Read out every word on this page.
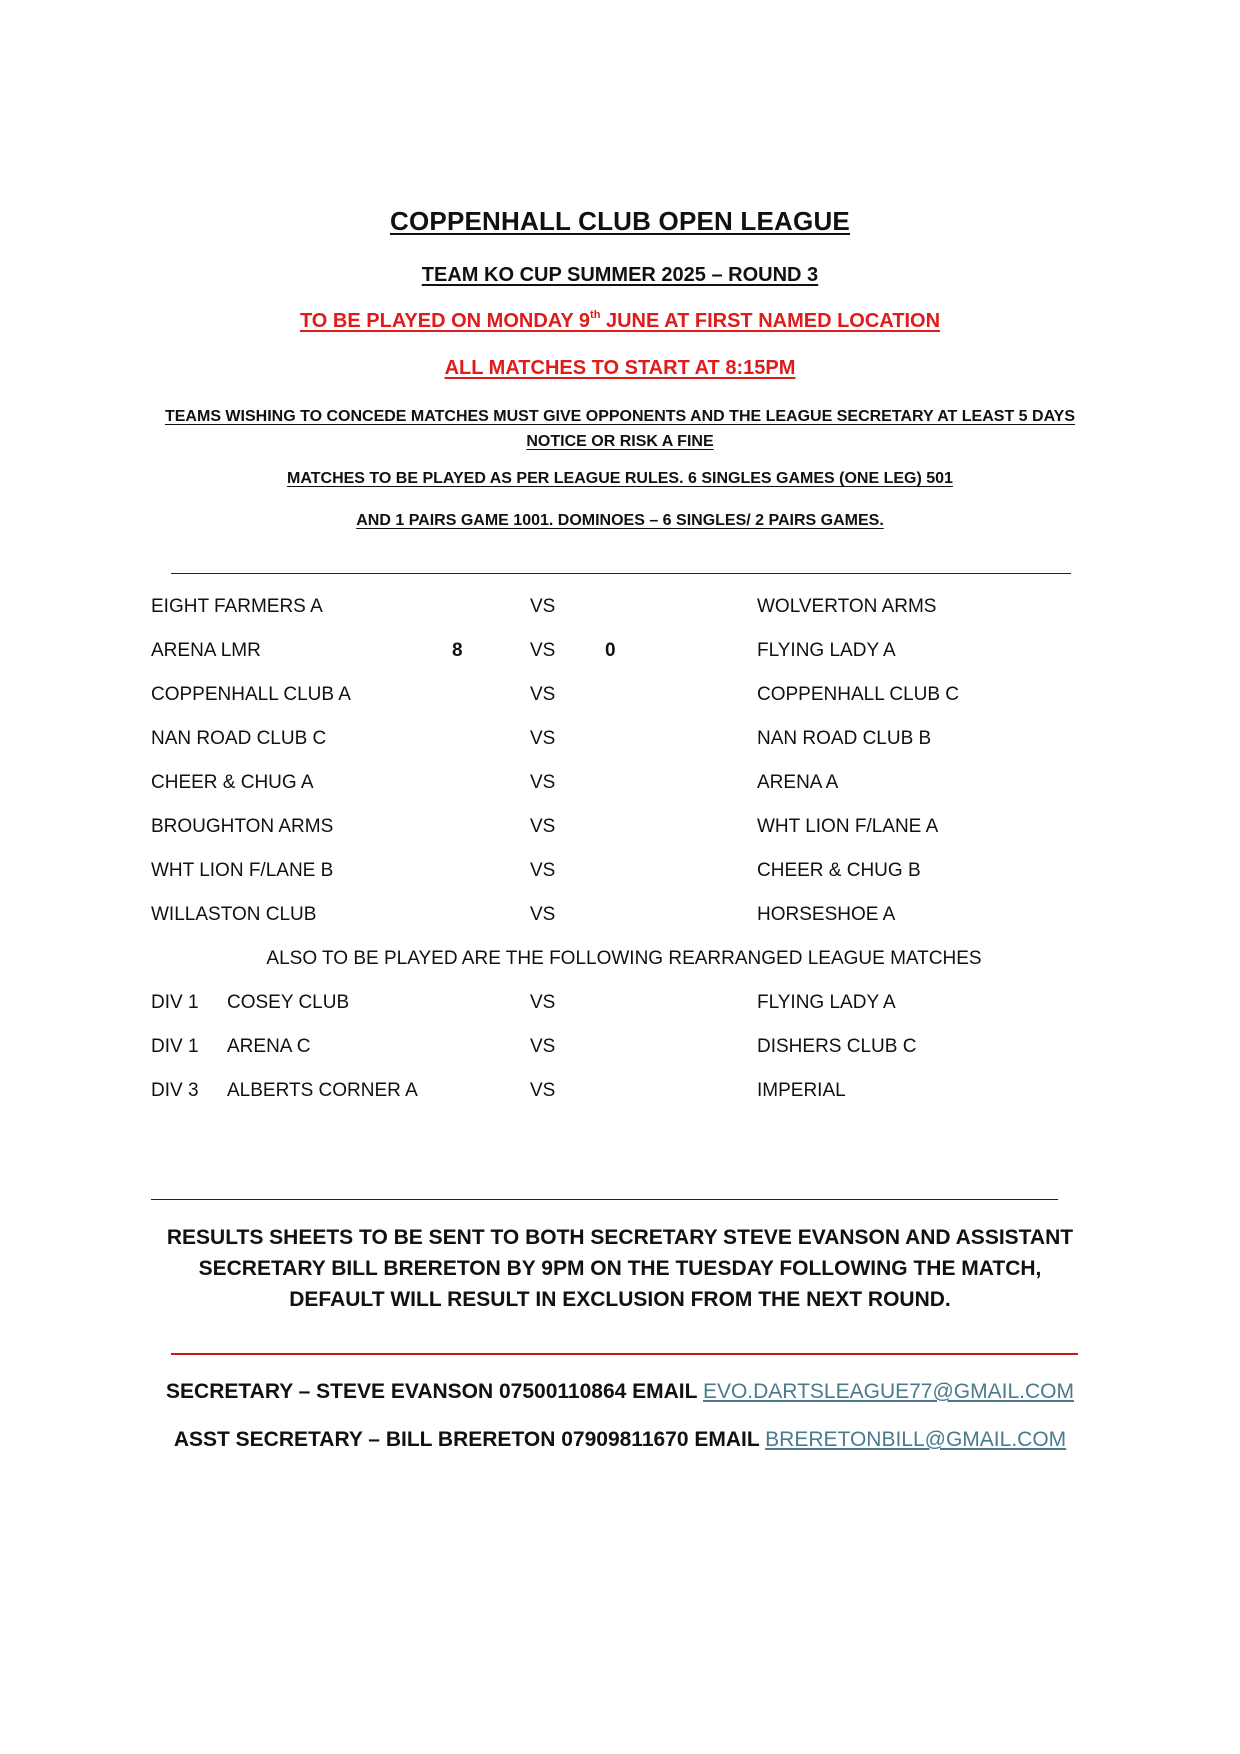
COPPENHALL CLUB OPEN LEAGUE
TEAM KO CUP SUMMER 2025 – ROUND 3
TO BE PLAYED ON MONDAY 9th JUNE AT FIRST NAMED LOCATION
ALL MATCHES TO START AT 8:15PM
TEAMS WISHING TO CONCEDE MATCHES MUST GIVE OPPONENTS AND THE LEAGUE SECRETARY AT LEAST 5 DAYS NOTICE OR RISK A FINE
MATCHES TO BE PLAYED AS PER LEAGUE RULES. 6 SINGLES GAMES (ONE LEG) 501
AND 1 PAIRS GAME 1001. DOMINOES – 6 SINGLES/ 2 PAIRS GAMES.
EIGHT FARMERS A	VS	WOLVERTON ARMS
ARENA LMR	8	VS	0	FLYING LADY A
COPPENHALL CLUB A	VS	COPPENHALL CLUB C
NAN ROAD CLUB C	VS	NAN ROAD CLUB B
CHEER & CHUG A	VS	ARENA A
BROUGHTON ARMS	VS	WHT LION F/LANE A
WHT LION F/LANE B	VS	CHEER & CHUG B
WILLASTON CLUB	VS	HORSESHOE A
ALSO TO BE PLAYED ARE THE FOLLOWING REARRANGED LEAGUE MATCHES
DIV 1 COSEY CLUB	VS	FLYING LADY A
DIV 1 ARENA C	VS	DISHERS CLUB C
DIV 3 ALBERTS CORNER A	VS	IMPERIAL
RESULTS SHEETS TO BE SENT TO BOTH SECRETARY STEVE EVANSON AND ASSISTANT SECRETARY BILL BRERETON BY 9PM ON THE TUESDAY FOLLOWING THE MATCH, DEFAULT WILL RESULT IN EXCLUSION FROM THE NEXT ROUND.
SECRETARY – STEVE EVANSON 07500110864 EMAIL EVO.DARTSLEAGUE77@GMAIL.COM
ASST SECRETARY – BILL BRERETON 07909811670 EMAIL BRERETONBILL@GMAIL.COM
